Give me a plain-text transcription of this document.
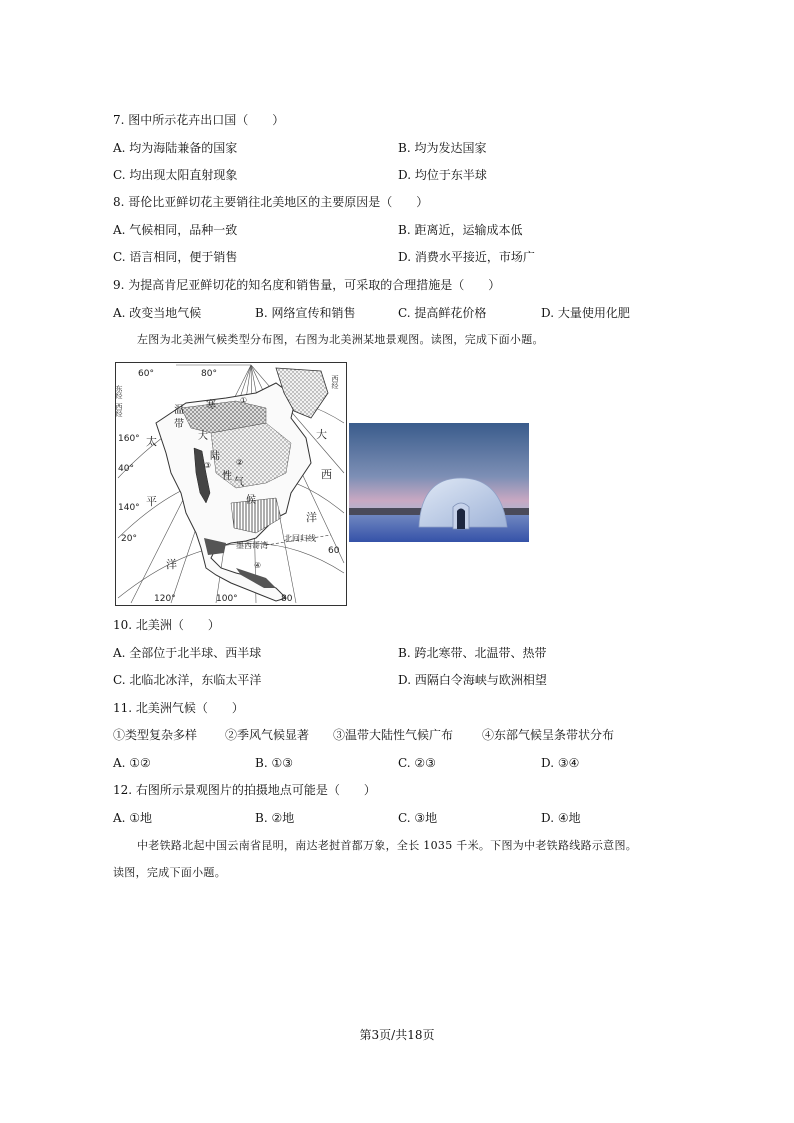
7. 图中所示花卉出口国（　　）
A. 均为海陆兼备的国家	B. 均为发达国家
C. 均出现太阳直射现象	D. 均位于东半球
8. 哥伦比亚鲜切花主要销往北美地区的主要原因是（　　）
A. 气候相同，品种一致	B. 距离近，运输成本低
C. 语言相同，便于销售	D. 消费水平接近，市场广
9. 为提高肯尼亚鲜切花的知名度和销售量，可采取的合理措施是（　　）
A. 改变当地气候	B. 网络宣传和销售	C. 提高鲜花价格	D. 大量使用化肥
左图为北美洲气候类型分布图，右图为北美洲某地景观图。读图，完成下面小题。
60°	80°
160°
40°
140°
20°
120°	100°	80
60
东经
西经
西经
太
平
洋
大
西
洋
寒
温
带
大
陆
性
气
候
北回归线
墨西哥湾
①
②
③
④
10. 北美洲（　　）
A. 全部位于北半球、西半球	B. 跨北寒带、北温带、热带
C. 北临北冰洋，东临太平洋	D. 西隔白令海峡与欧洲相望
11. 北美洲气候（　　）
①类型复杂多样 ②季风气候显著 ③温带大陆性气候广布 ④东部气候呈条带状分布
A. ①②	B. ①③	C. ②③	D. ③④
12. 右图所示景观图片的拍摄地点可能是（　　）
A. ①地	B. ②地	C. ③地	D. ④地
中老铁路北起中国云南省昆明，南达老挝首都万象，全长 1035 千米。下图为中老铁路线路示意图。
读图，完成下面小题。
第3页/共18页
